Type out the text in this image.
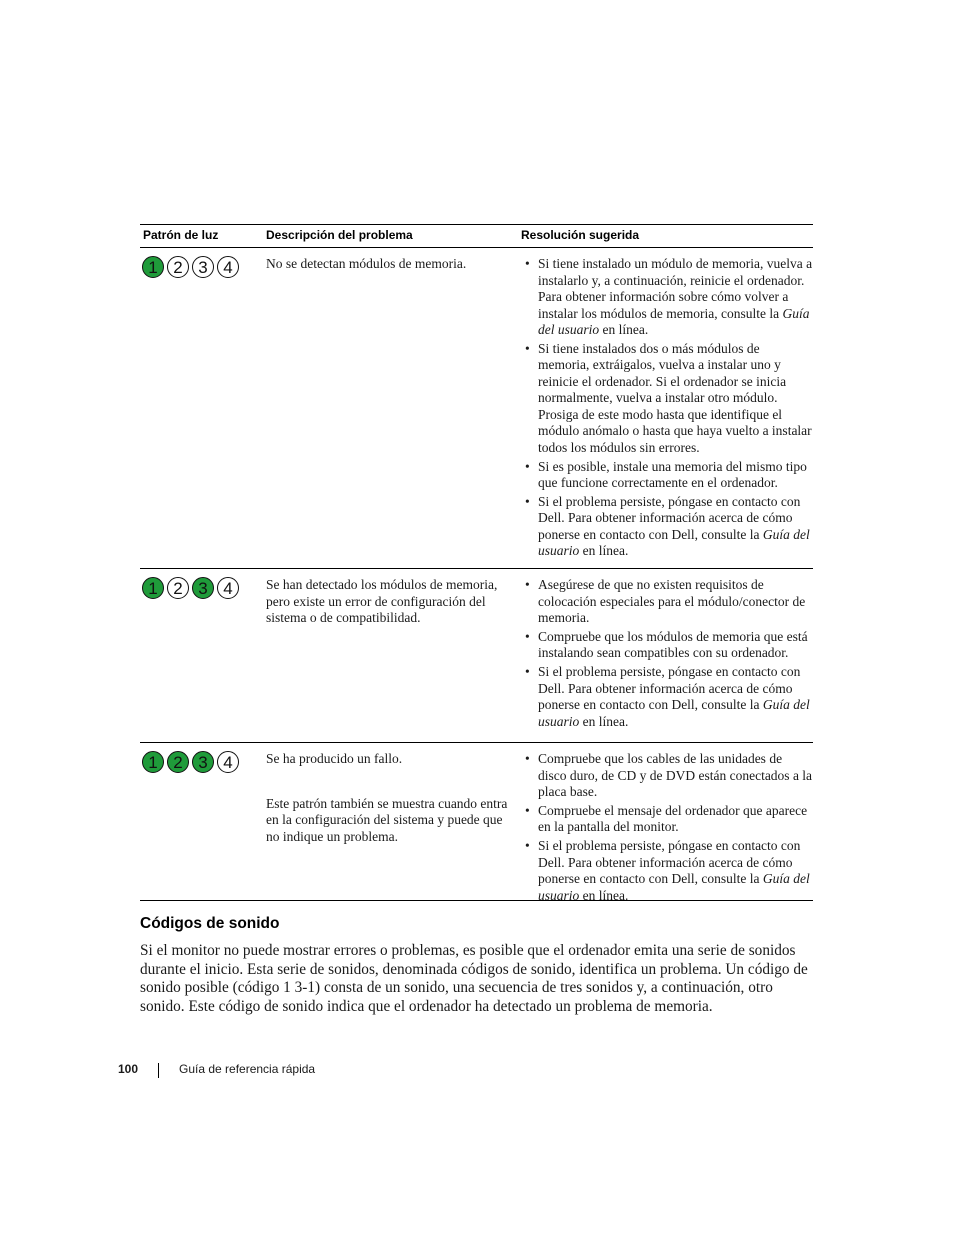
Patrón de luz	Descripción del problema	Resolución sugerida
1 2 3 4	No se detectan módulos de memoria.

•	Si tiene instalado un módulo de memoria, vuelva a instalarlo y, a continuación, reinicie el ordenador. Para obtener información sobre cómo volver a instalar los módulos de memoria, consulte la Guía del usuario en línea.
• Si tiene instalados dos o más módulos de memoria, extráigalos, vuelva a instalar uno y reinicie el ordenador. Si el ordenador se inicia normalmente, vuelva a instalar otro módulo. Prosiga de este modo hasta que identifique el módulo anómalo o hasta que haya vuelto a instalar todos los módulos sin errores.
• Si es posible, instale una memoria del mismo tipo que funcione correctamente en el ordenador.
• Si el problema persiste, póngase en contacto con Dell. Para obtener información acerca de cómo ponerse en contacto con Dell, consulte la Guía del usuario en línea.
1 2 3 4	Se han detectado los módulos de memoria, pero existe un error de configuración del sistema o de compatibilidad.

• Asegúrese de que no existen requisitos de colocación especiales para el módulo/conector de memoria.
• Compruebe que los módulos de memoria que está instalando sean compatibles con su ordenador.
• Si el problema persiste, póngase en contacto con Dell. Para obtener información acerca de cómo ponerse en contacto con Dell, consulte la Guía del usuario en línea.
1 2 3 4	Se ha producido un fallo.

Este patrón también se muestra cuando entra en la configuración del sistema y puede que no indique un problema.

• Compruebe que los cables de las unidades de disco duro, de CD y de DVD están conectados a la placa base.
• Compruebe el mensaje del ordenador que aparece en la pantalla del monitor.
• Si el problema persiste, póngase en contacto con Dell. Para obtener información acerca de cómo ponerse en contacto con Dell, consulte la Guía del usuario en línea.
Códigos de sonido
Si el monitor no puede mostrar errores o problemas, es posible que el ordenador emita una serie de sonidos durante el inicio. Esta serie de sonidos, denominada códigos de sonido, identifica un problema. Un código de sonido posible (código 1 3-1) consta de un sonido, una secuencia de tres sonidos y, a continuación, otro sonido. Este código de sonido indica que el ordenador ha detectado un problema de memoria.
100	Guía de referencia rápida
